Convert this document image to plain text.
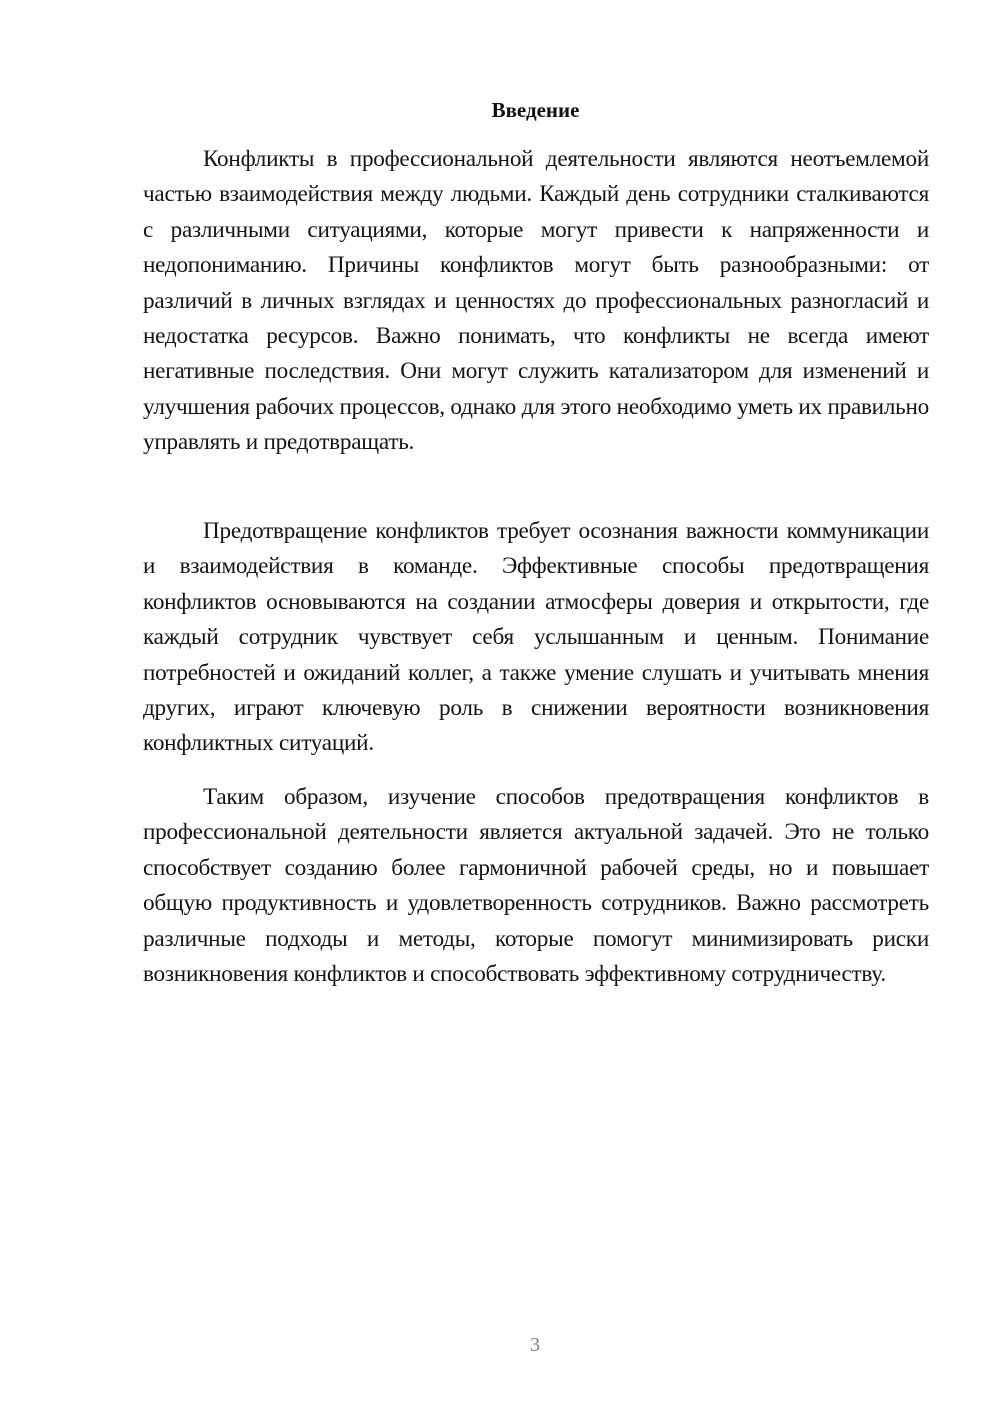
Введение

Конфликты в профессиональной деятельности являются неотъемлемой частью взаимодействия между людьми. Каждый день сотрудники сталкиваются с различными ситуациями, которые могут привести к напряженности и недопониманию. Причины конфликтов могут быть разнообразными: от различий в личных взглядах и ценностях до профессиональных разногласий и недостатка ресурсов. Важно понимать, что конфликты не всегда имеют негативные последствия. Они могут служить катализатором для изменений и улучшения рабочих процессов, однако для этого необходимо уметь их правильно управлять и предотвращать.

Предотвращение конфликтов требует осознания важности коммуникации и взаимодействия в команде. Эффективные способы предотвращения конфликтов основываются на создании атмосферы доверия и открытости, где каждый сотрудник чувствует себя услышанным и ценным. Понимание потребностей и ожиданий коллег, а также умение слушать и учитывать мнения других, играют ключевую роль в снижении вероятности возникновения конфликтных ситуаций.

Таким образом, изучение способов предотвращения конфликтов в профессиональной деятельности является актуальной задачей. Это не только способствует созданию более гармоничной рабочей среды, но и повышает общую продуктивность и удовлетворенность сотрудников. Важно рассмотреть различные подходы и методы, которые помогут минимизировать риски возникновения конфликтов и способствовать эффективному сотрудничеству.

3
